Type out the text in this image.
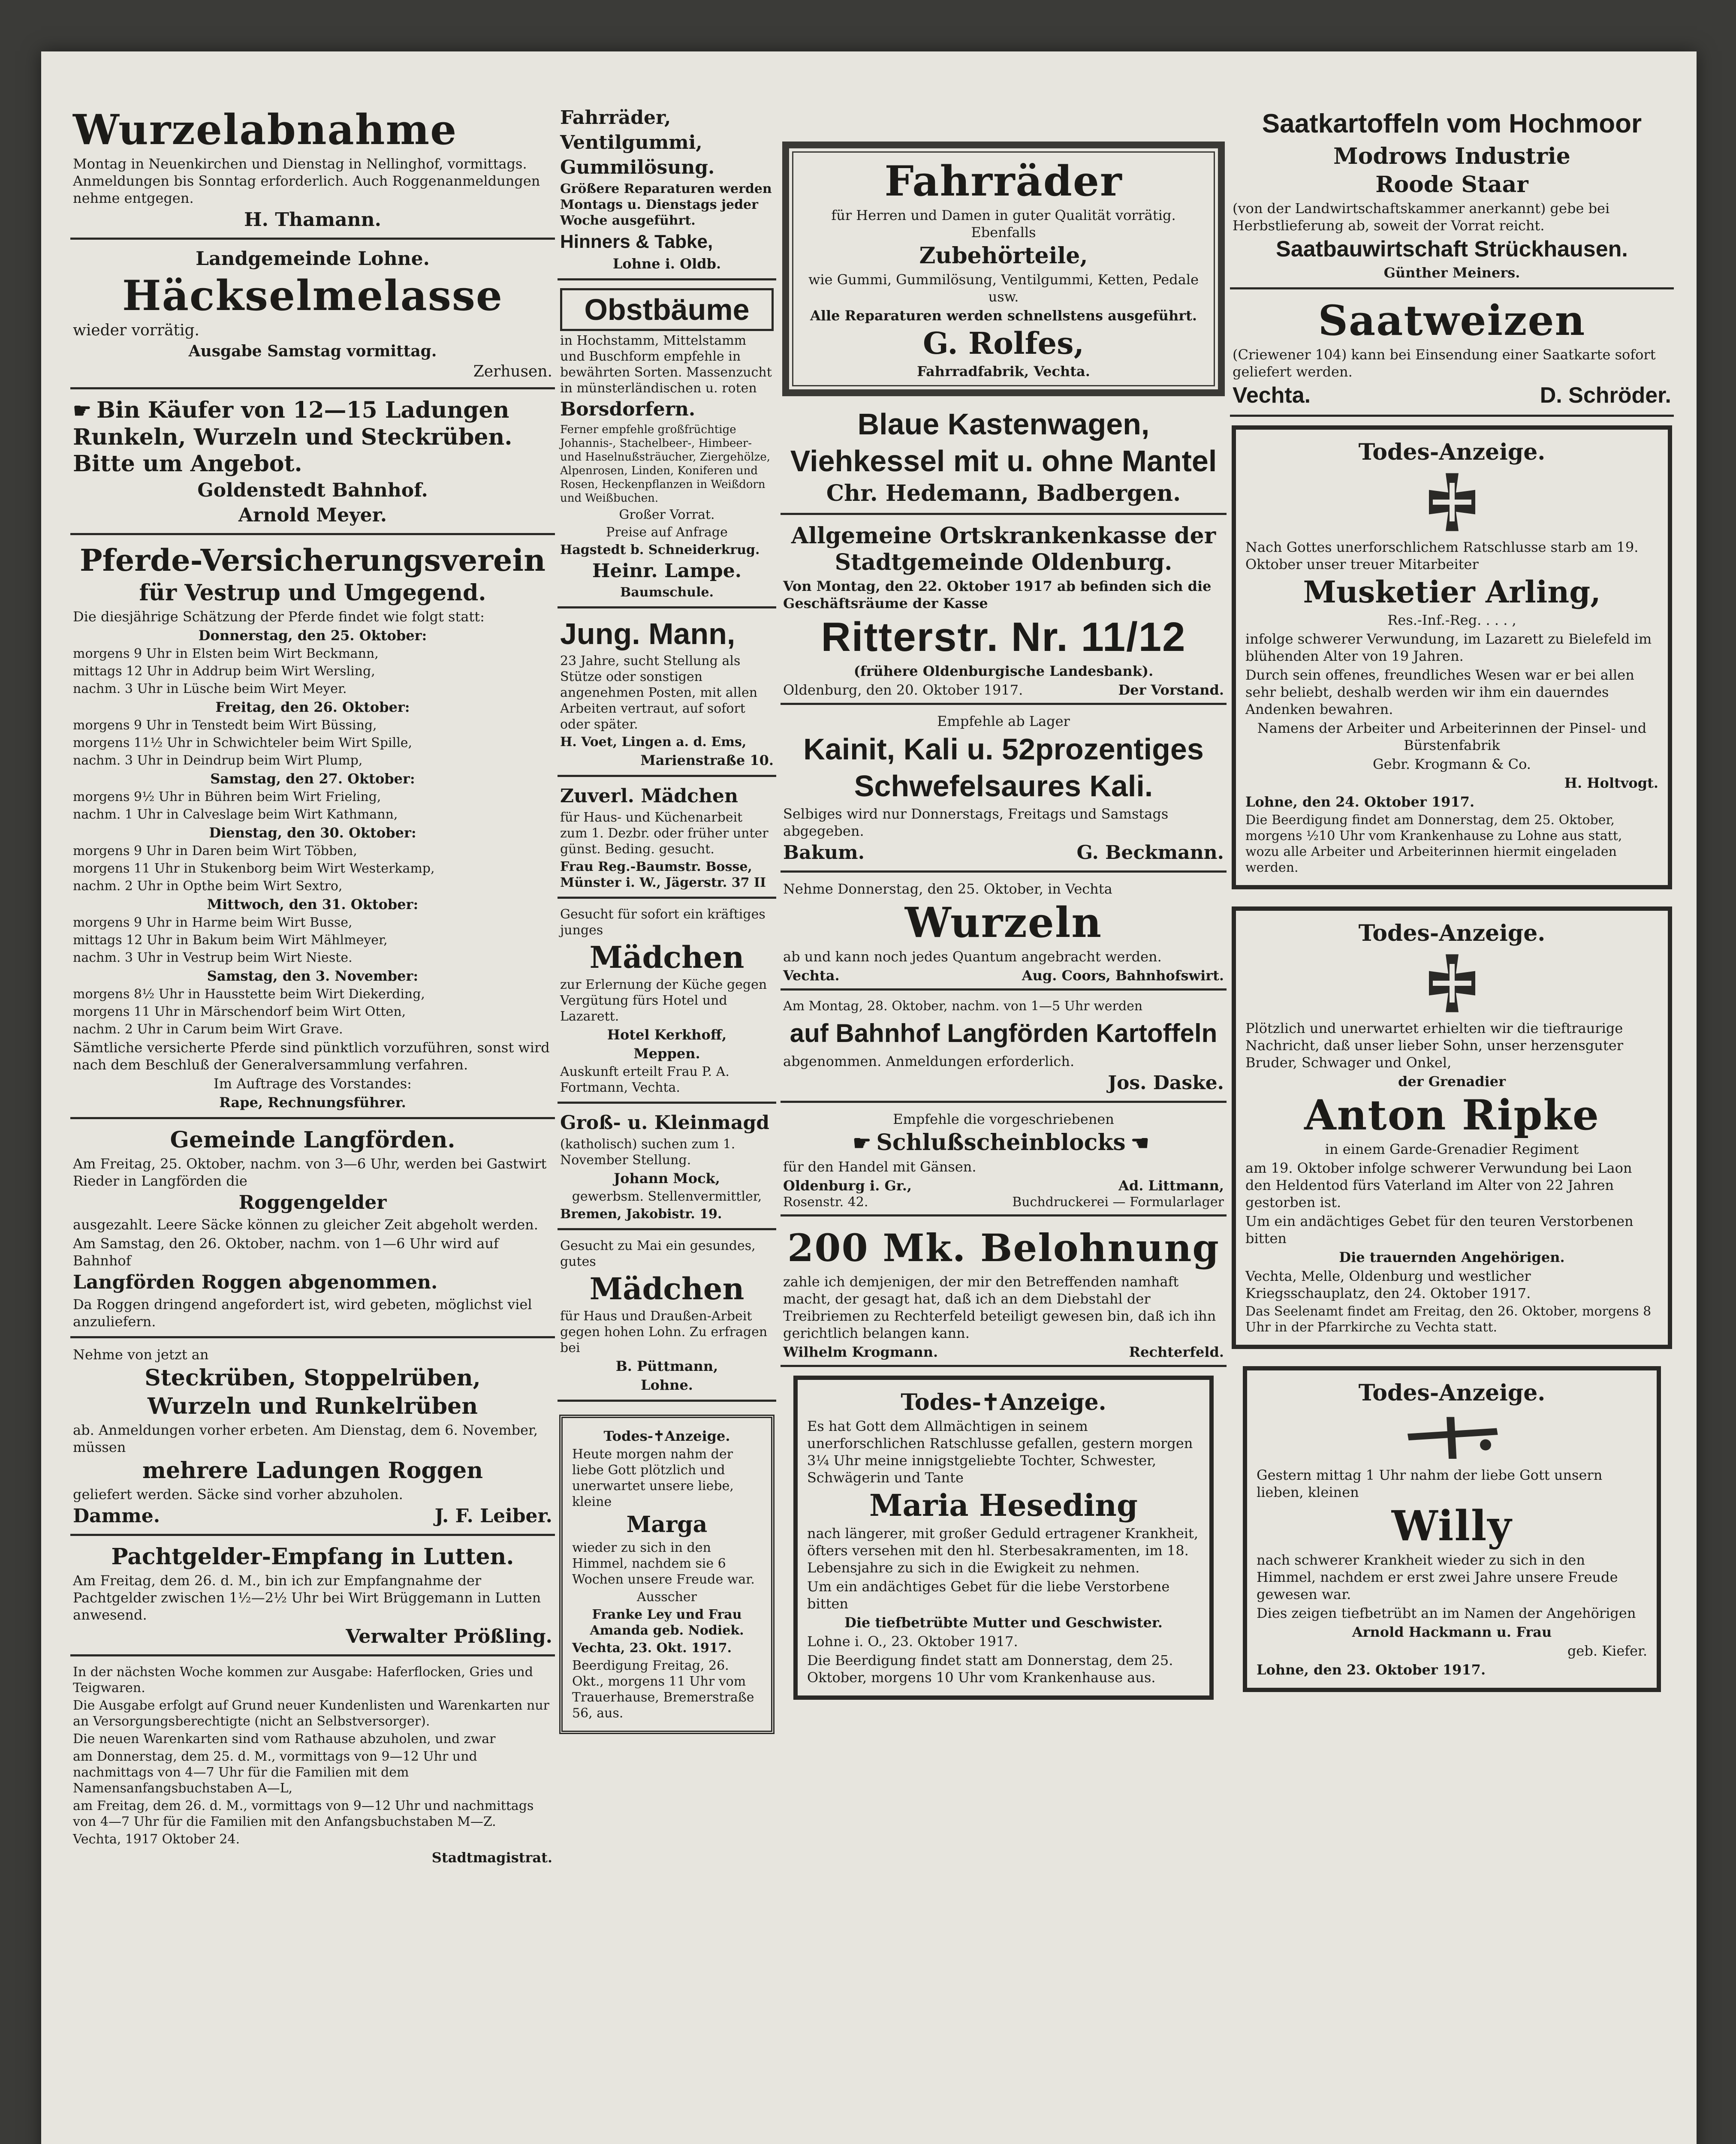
Wurzelabnahme

Montag in Neuenkirchen und Dienstag in Nellinghof, vormittags. Anmeldungen bis Sonntag erforderlich. Auch Roggenanmeldungen nehme entgegen.

H. Thamann.

Landgemeinde Lohne.

Häckselmelasse

wieder vorrätig.

Ausgabe Samstag vormittag.

Zerhusen.

☛ Bin Käufer von 12—15 Ladungen Runkeln, Wurzeln und Steckrüben. Bitte um Angebot.

Goldenstedt Bahnhof.

Arnold Meyer.

Pferde-Versicherungsverein

für Vestrup und Umgegend.

Die diesjährige Schätzung der Pferde findet wie folgt statt:

Donnerstag, den 25. Oktober:

morgens 9 Uhr in Elsten beim Wirt Beckmann,

mittags 12 Uhr in Addrup beim Wirt Wersling,

nachm. 3 Uhr in Lüsche beim Wirt Meyer.

Freitag, den 26. Oktober:

morgens 9 Uhr in Tenstedt beim Wirt Büssing,

morgens 11½ Uhr in Schwichteler beim Wirt Spille,

nachm. 3 Uhr in Deindrup beim Wirt Plump,

Samstag, den 27. Oktober:

morgens 9½ Uhr in Bühren beim Wirt Frieling,

nachm. 1 Uhr in Calveslage beim Wirt Kathmann,

Dienstag, den 30. Oktober:

morgens 9 Uhr in Daren beim Wirt Többen,

morgens 11 Uhr in Stukenborg beim Wirt Westerkamp,

nachm. 2 Uhr in Opthe beim Wirt Sextro,

Mittwoch, den 31. Oktober:

morgens 9 Uhr in Harme beim Wirt Busse,

mittags 12 Uhr in Bakum beim Wirt Mählmeyer,

nachm. 3 Uhr in Vestrup beim Wirt Nieste.

Samstag, den 3. November:

morgens 8½ Uhr in Hausstette beim Wirt Diekerding,

morgens 11 Uhr in Märschendorf beim Wirt Otten,

nachm. 2 Uhr in Carum beim Wirt Grave.

Sämtliche versicherte Pferde sind pünktlich vorzuführen, sonst wird nach dem Beschluß der Generalversammlung verfahren.

Im Auftrage des Vorstandes:

Rape, Rechnungsführer.

Gemeinde Langförden.

Am Freitag, 25. Oktober, nachm. von 3—6 Uhr, werden bei Gastwirt Rieder in Langförden die

Roggengelder

ausgezahlt. Leere Säcke können zu gleicher Zeit abgeholt werden.

Am Samstag, den 26. Oktober, nachm. von 1—6 Uhr wird auf Bahnhof

Langförden Roggen abgenommen.

Da Roggen dringend angefordert ist, wird gebeten, möglichst viel anzuliefern.

Nehme von jetzt an

Steckrüben, Stoppelrüben,

Wurzeln und Runkelrüben

ab. Anmeldungen vorher erbeten. Am Dienstag, dem 6. November, müssen

mehrere Ladungen Roggen

geliefert werden. Säcke sind vorher abzuholen.

Damme.	J. F. Leiber.

Pachtgelder-Empfang in Lutten.

Am Freitag, dem 26. d. M., bin ich zur Empfangnahme der Pachtgelder zwischen 1½—2½ Uhr bei Wirt Brüggemann in Lutten anwesend.

Verwalter Prößling.

In der nächsten Woche kommen zur Ausgabe: Haferflocken, Gries und Teigwaren.

Die Ausgabe erfolgt auf Grund neuer Kundenlisten und Warenkarten nur an Versorgungsberechtigte (nicht an Selbstversorger).

Die neuen Warenkarten sind vom Rathause abzuholen, und zwar

am Donnerstag, dem 25. d. M., vormittags von 9—12 Uhr und nachmittags von 4—7 Uhr für die Familien mit dem Namensanfangsbuchstaben A—L,

am Freitag, dem 26. d. M., vormittags von 9—12 Uhr und nachmittags von 4—7 Uhr für die Familien mit den Anfangsbuchstaben M—Z.

Vechta, 1917 Oktober 24.

Stadtmagistrat.

Fahrräder,

Ventilgummi,

Gummilösung.

Größere Reparaturen werden Montags u. Dienstags jeder Woche ausgeführt.

Hinners & Tabke,

Lohne i. Oldb.

Obstbäume

in Hochstamm, Mittelstamm und Buschform empfehle in bewährten Sorten. Massenzucht in münsterländischen u. roten

Borsdorfern.

Ferner empfehle großfrüchtige Johannis-, Stachelbeer-, Himbeer- und Haselnußsträucher, Ziergehölze, Alpenrosen, Linden, Koniferen und Rosen, Heckenpflanzen in Weißdorn und Weißbuchen.

Großer Vorrat.

Preise auf Anfrage

Hagstedt b. Schneiderkrug.

Heinr. Lampe.

Baumschule.

Jung. Mann,

23 Jahre, sucht Stellung als Stütze oder sonstigen angenehmen Posten, mit allen Arbeiten vertraut, auf sofort oder später.

H. Voet, Lingen a. d. Ems,

Marienstraße 10.

Zuverl. Mädchen

für Haus- und Küchenarbeit zum 1. Dezbr. oder früher unter günst. Beding. gesucht.

Frau Reg.-Baumstr. Bosse, Münster i. W., Jägerstr. 37 II

Gesucht für sofort ein kräftiges junges

Mädchen

zur Erlernung der Küche gegen Vergütung fürs Hotel und Lazarett.

Hotel Kerkhoff,

Meppen.

Auskunft erteilt Frau P. A. Fortmann, Vechta.

Groß- u. Kleinmagd

(katholisch) suchen zum 1. November Stellung.

Johann Mock,

gewerbsm. Stellenvermittler,

Bremen, Jakobistr. 19.

Gesucht zu Mai ein gesundes, gutes

Mädchen

für Haus und Draußen-Arbeit gegen hohen Lohn. Zu erfragen bei

B. Püttmann,

Lohne.

Todes-✝Anzeige.

Heute morgen nahm der liebe Gott plötzlich und unerwartet unsere liebe, kleine

Marga

wieder zu sich in den Himmel, nachdem sie 6 Wochen unsere Freude war.

Ausscher

Franke Ley und Frau Amanda geb. Nodiek.

Vechta, 23. Okt. 1917.

Beerdigung Freitag, 26. Okt., morgens 11 Uhr vom Trauerhause, Bremerstraße 56, aus.

Fahrräder

für Herren und Damen in guter Qualität vorrätig. Ebenfalls

Zubehörteile,

wie Gummi, Gummilösung, Ventilgummi, Ketten, Pedale usw.

Alle Reparaturen werden schnellstens ausgeführt.

G. Rolfes,

Fahrradfabrik, Vechta.

Blaue Kastenwagen,
Viehkessel mit u. ohne Mantel

Chr. Hedemann, Badbergen.

Allgemeine Ortskrankenkasse der Stadtgemeinde Oldenburg.

Von Montag, den 22. Oktober 1917 ab befinden sich die Geschäftsräume der Kasse

Ritterstr. Nr. 11/12

(frühere Oldenburgische Landesbank).

Oldenburg, den 20. Oktober 1917.	Der Vorstand.

Empfehle ab Lager

Kainit, Kali u. 52prozentiges
Schwefelsaures Kali.

Selbiges wird nur Donnerstags, Freitags und Samstags abgegeben.

Bakum.	G. Beckmann.

Nehme Donnerstag, den 25. Oktober, in Vechta

Wurzeln

ab und kann noch jedes Quantum angebracht werden.

Vechta.	Aug. Coors, Bahnhofswirt.

Am Montag, 28. Oktober, nachm. von 1—5 Uhr werden

auf Bahnhof Langförden Kartoffeln

abgenommen. Anmeldungen erforderlich.

Jos. Daske.

Empfehle die vorgeschriebenen

☛ Schlußscheinblocks ☚

für den Handel mit Gänsen.

Oldenburg i. Gr.,	Ad. Littmann,
Rosenstr. 42.	Buchdruckerei — Formularlager
200 Mk. Belohnung

zahle ich demjenigen, der mir den Betreffenden namhaft macht, der gesagt hat, daß ich an dem Diebstahl der Treibriemen zu Rechterfeld beteiligt gewesen bin, daß ich ihn gerichtlich belangen kann.

Wilhelm Krogmann.	Rechterfeld.

Todes-✝Anzeige.

Es hat Gott dem Allmächtigen in seinem unerforschlichen Ratschlusse gefallen, gestern morgen 3¼ Uhr meine innigstgeliebte Tochter, Schwester, Schwägerin und Tante

Maria Heseding

nach längerer, mit großer Geduld ertragener Krankheit, öfters versehen mit den hl. Sterbesakramenten, im 18. Lebensjahre zu sich in die Ewigkeit zu nehmen.

Um ein andächtiges Gebet für die liebe Verstorbene bitten

Die tiefbetrübte Mutter und Geschwister.

Lohne i. O., 23. Oktober 1917.

Die Beerdigung findet statt am Donnerstag, dem 25. Oktober, morgens 10 Uhr vom Krankenhause aus.

Saatkartoffeln vom Hochmoor

Modrows Industrie

Roode Staar

(von der Landwirtschaftskammer anerkannt) gebe bei Herbstlieferung ab, soweit der Vorrat reicht.

Saatbauwirtschaft Strückhausen.

Günther Meiners.

Saatweizen

(Criewener 104) kann bei Einsendung einer Saatkarte sofort geliefert werden.

Vechta.	D. Schröder.

Todes-Anzeige.

Nach Gottes unerforschlichem Ratschlusse starb am 19. Oktober unser treuer Mitarbeiter

Musketier Arling,

Res.-Inf.-Reg. . . . ,

infolge schwerer Verwundung, im Lazarett zu Bielefeld im blühenden Alter von 19 Jahren.

Durch sein offenes, freundliches Wesen war er bei allen sehr beliebt, deshalb werden wir ihm ein dauerndes Andenken bewahren.

Namens der Arbeiter und Arbeiterinnen der Pinsel- und Bürstenfabrik

Gebr. Krogmann & Co.

H. Holtvogt.

Lohne, den 24. Oktober 1917.

Die Beerdigung findet am Donnerstag, dem 25. Oktober, morgens ½10 Uhr vom Krankenhause zu Lohne aus statt, wozu alle Arbeiter und Arbeiterinnen hiermit eingeladen werden.

Todes-Anzeige.

Plötzlich und unerwartet erhielten wir die tieftraurige Nachricht, daß unser lieber Sohn, unser herzensguter Bruder, Schwager und Onkel,

der Grenadier

Anton Ripke

in einem Garde-Grenadier Regiment

am 19. Oktober infolge schwerer Verwundung bei Laon den Heldentod fürs Vaterland im Alter von 22 Jahren gestorben ist.

Um ein andächtiges Gebet für den teuren Verstorbenen bitten

Die trauernden Angehörigen.

Vechta, Melle, Oldenburg und westlicher Kriegsschauplatz, den 24. Oktober 1917.

Das Seelenamt findet am Freitag, den 26. Oktober, morgens 8 Uhr in der Pfarrkirche zu Vechta statt.

Todes-Anzeige.

Gestern mittag 1 Uhr nahm der liebe Gott unsern lieben, kleinen

Willy

nach schwerer Krankheit wieder zu sich in den Himmel, nachdem er erst zwei Jahre unsere Freude gewesen war.

Dies zeigen tiefbetrübt an im Namen der Angehörigen

Arnold Hackmann u. Frau

geb. Kiefer.

Lohne, den 23. Oktober 1917.
